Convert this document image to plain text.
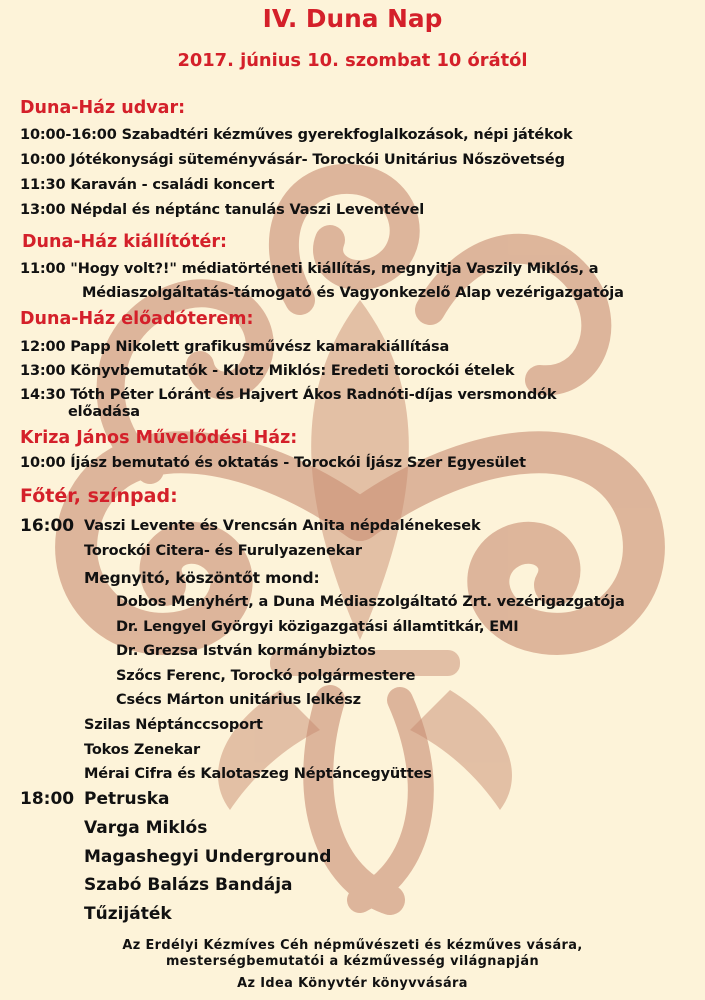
IV. Duna Nap
2017. június 10. szombat 10 órától
Duna-Ház udvar:
10:00-16:00 Szabadtéri kézműves gyerekfoglalkozások, népi játékok
10:00 Jótékonysági süteményvásár- Torockói Unitárius Nőszövetség
11:30 Karaván - családi koncert
13:00 Népdal és néptánc tanulás Vaszi Leventével
Duna-Ház kiállítótér:
11:00 "Hogy volt?!" médiatörténeti kiállítás, megnyitja Vaszily Miklós, a
Médiaszolgáltatás-támogató és Vagyonkezelő Alap vezérigazgatója
Duna-Ház előadóterem:
12:00 Papp Nikolett grafikusművész kamarakiállítása
13:00 Könyvbemutatók - Klotz Miklós: Eredeti torockói ételek
14:30 Tóth Péter Lóránt és Hajvert Ákos Radnóti-díjas versmondók
előadása
Kriza János Művelődési Ház:
10:00 Íjász bemutató és oktatás - Torockói Íjász Szer Egyesület
Főtér, színpad:
16:00 Vaszi Levente és Vrencsán Anita népdalénekesek
Torockói Citera- és Furulyazenekar
Megnyitó, köszöntőt mond:
Dobos Menyhért, a Duna Médiaszolgáltató Zrt. vezérigazgatója
Dr. Lengyel Györgyi közigazgatási államtitkár, EMI
Dr. Grezsa István kormánybiztos
Szőcs Ferenc, Torockó polgármestere
Csécs Márton unitárius lelkész
Szilas Néptánccsoport
Tokos Zenekar
Mérai Cifra és Kalotaszeg Néptáncegyüttes
18:00 Petruska
Varga Miklós
Magashegyi Underground
Szabó Balázs Bandája
Tűzijáték
Az Erdélyi Kézmíves Céh népművészeti és kézműves vására,
mesterségbemutatói a kézművesség világnapján
Az Idea Könyvtér könyvvására
